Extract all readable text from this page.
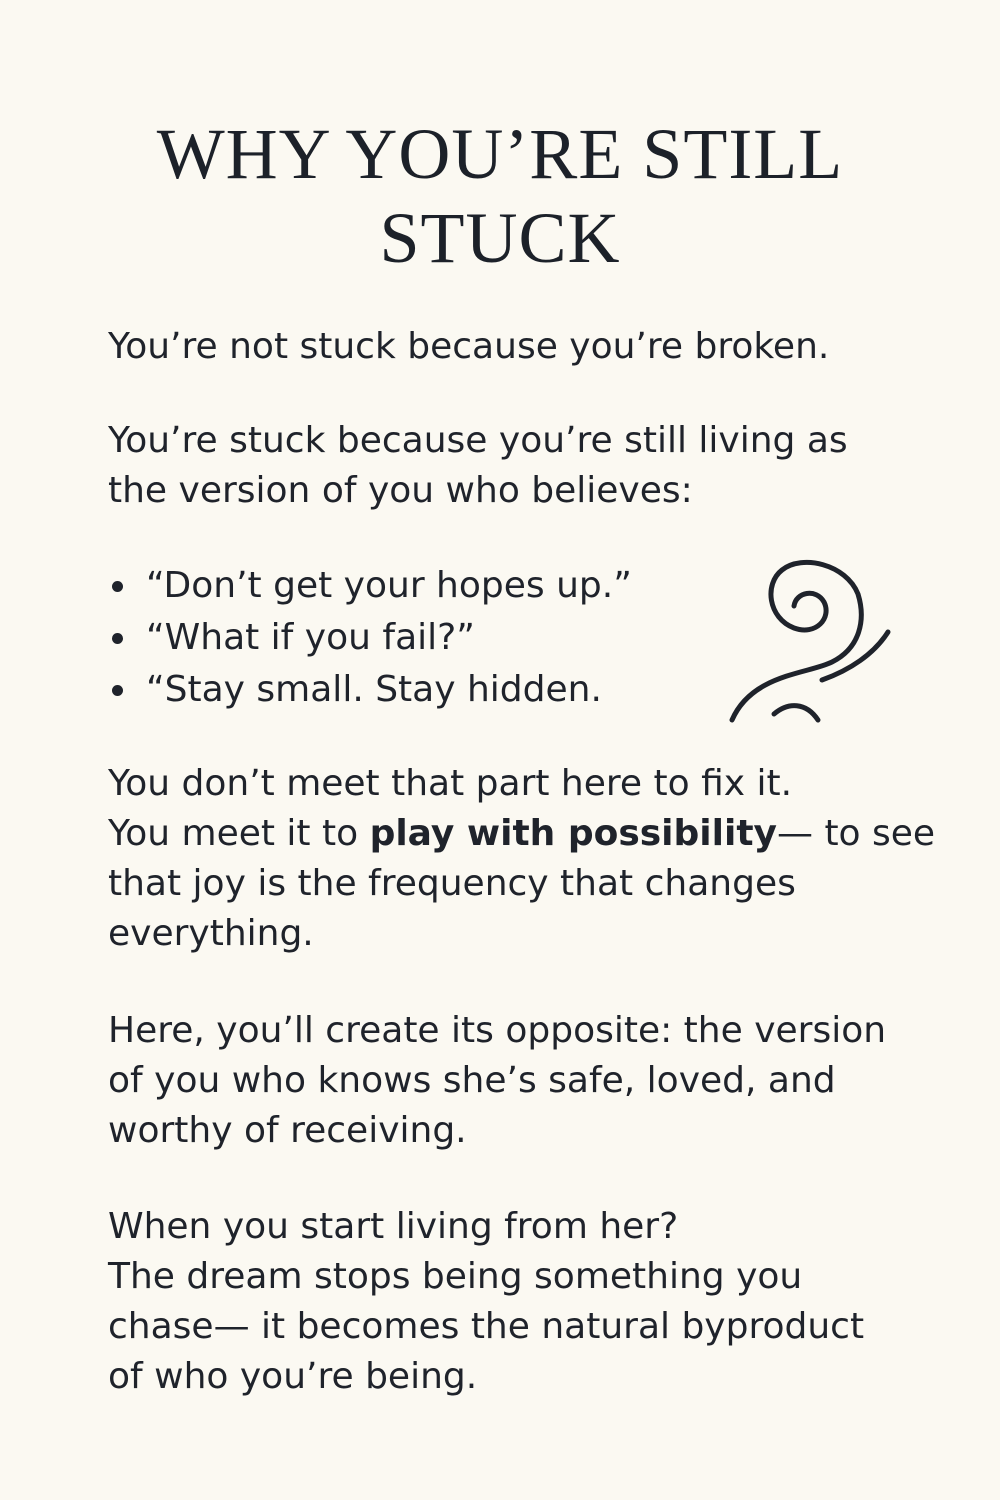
WHY YOU’RE STILL
STUCK

You’re not stuck because you’re broken.

You’re stuck because you’re still living as
the version of you who believes:

“Don’t get your hopes up.”
“What if you fail?”
“Stay small. Stay hidden.

You don’t meet that part here to fix it.
You meet it to play with possibility— to see
that joy is the frequency that changes
everything.

Here, you’ll create its opposite: the version
of you who knows she’s safe, loved, and
worthy of receiving.

When you start living from her?
The dream stops being something you
chase— it becomes the natural byproduct
of who you’re being.
